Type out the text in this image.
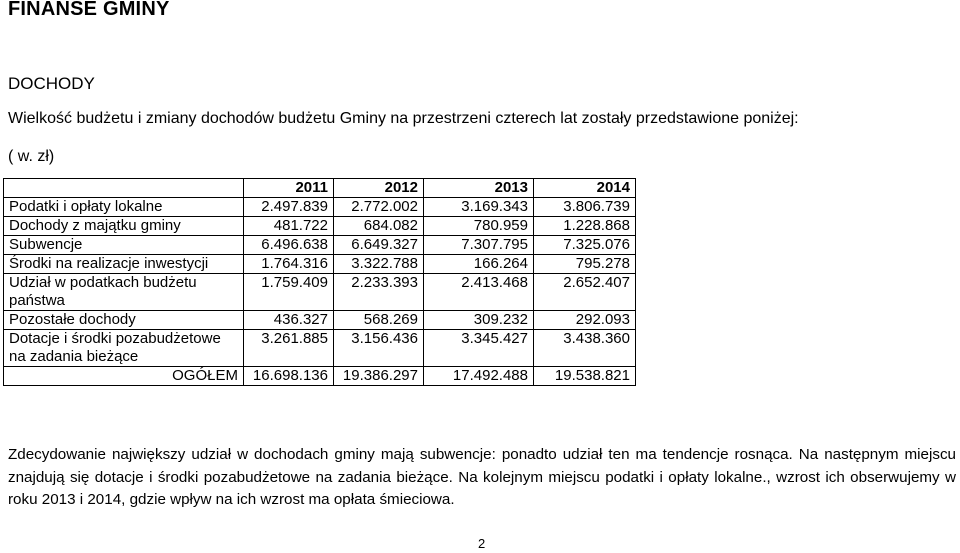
FINANSE GMINY
DOCHODY
Wielkość budżetu i zmiany dochodów budżetu Gminy na przestrzeni czterech lat zostały przedstawione poniżej:
( w. zł)
	2011	2012	2013	2014
Podatki i opłaty lokalne	2.497.839	2.772.002	3.169.343	3.806.739
Dochody z majątku gminy	481.722	684.082	780.959	1.228.868
Subwencje	6.496.638	6.649.327	7.307.795	7.325.076
Środki na realizacje inwestycji	1.764.316	3.322.788	166.264	795.278
Udział w podatkach budżetu państwa	1.759.409	2.233.393	2.413.468	2.652.407
Pozostałe dochody	436.327	568.269	309.232	292.093
Dotacje i środki pozabudżetowe na zadania bieżące	3.261.885	3.156.436	3.345.427	3.438.360
OGÓŁEM	16.698.136	19.386.297	17.492.488	19.538.821
Zdecydowanie największy udział w dochodach gminy mają subwencje: ponadto udział ten ma tendencje rosnąca. Na następnym miejscu znajdują się dotacje i środki pozabudżetowe na zadania bieżące. Na kolejnym miejscu podatki i opłaty lokalne., wzrost ich obserwujemy w roku 2013 i 2014, gdzie wpływ na ich wzrost ma opłata śmieciowa.
2
